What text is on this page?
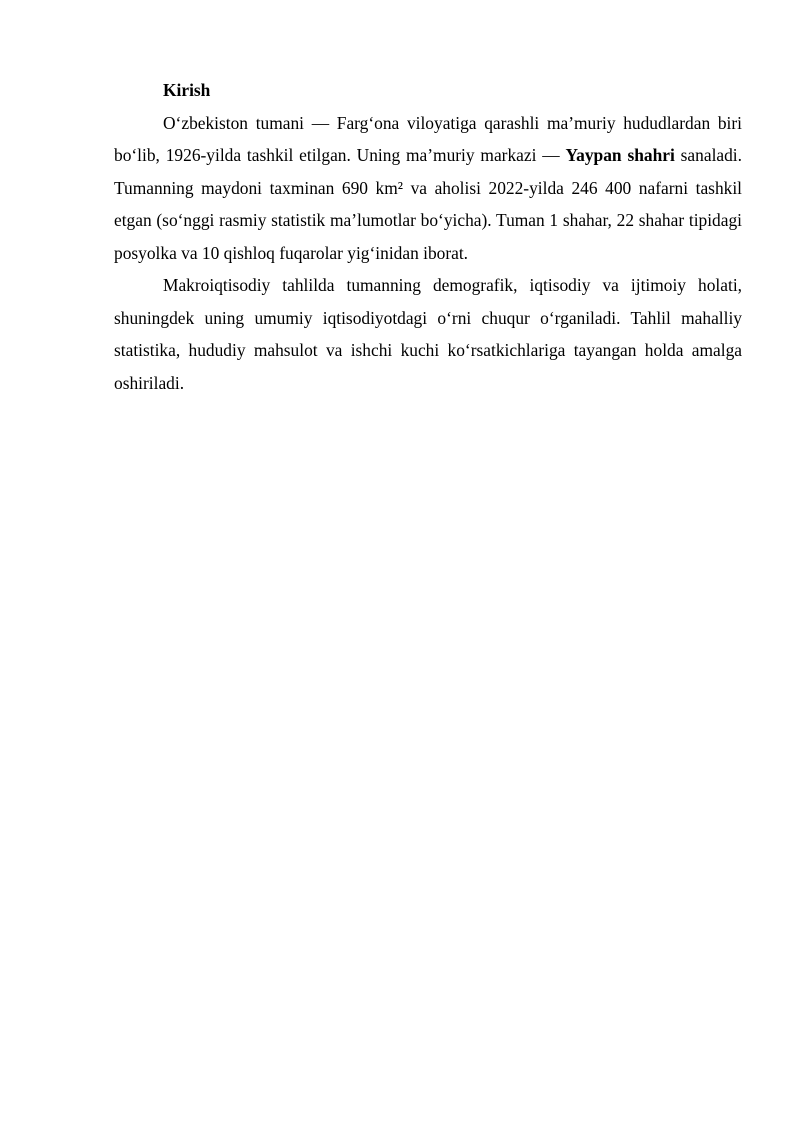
Kirish

O‘zbekiston tumani — Farg‘ona viloyatiga qarashli ma’muriy hududlardan biri bo‘lib, 1926-yilda tashkil etilgan. Uning ma’muriy markazi — Yaypan shahri sanaladi. Tumanning maydoni taxminan 690 km² va aholisi 2022-yilda 246 400 nafarni tashkil etgan (so‘nggi rasmiy statistik ma’lumotlar bo‘yicha). Tuman 1 shahar, 22 shahar tipidagi posyolka va 10 qishloq fuqarolar yig‘inidan iborat.

Makroiqtisodiy tahlilda tumanning demografik, iqtisodiy va ijtimoiy holati, shuningdek uning umumiy iqtisodiyotdagi o‘rni chuqur o‘rganiladi. Tahlil mahalliy statistika, hududiy mahsulot va ishchi kuchi ko‘rsatkichlariga tayangan holda amalga oshiriladi.
